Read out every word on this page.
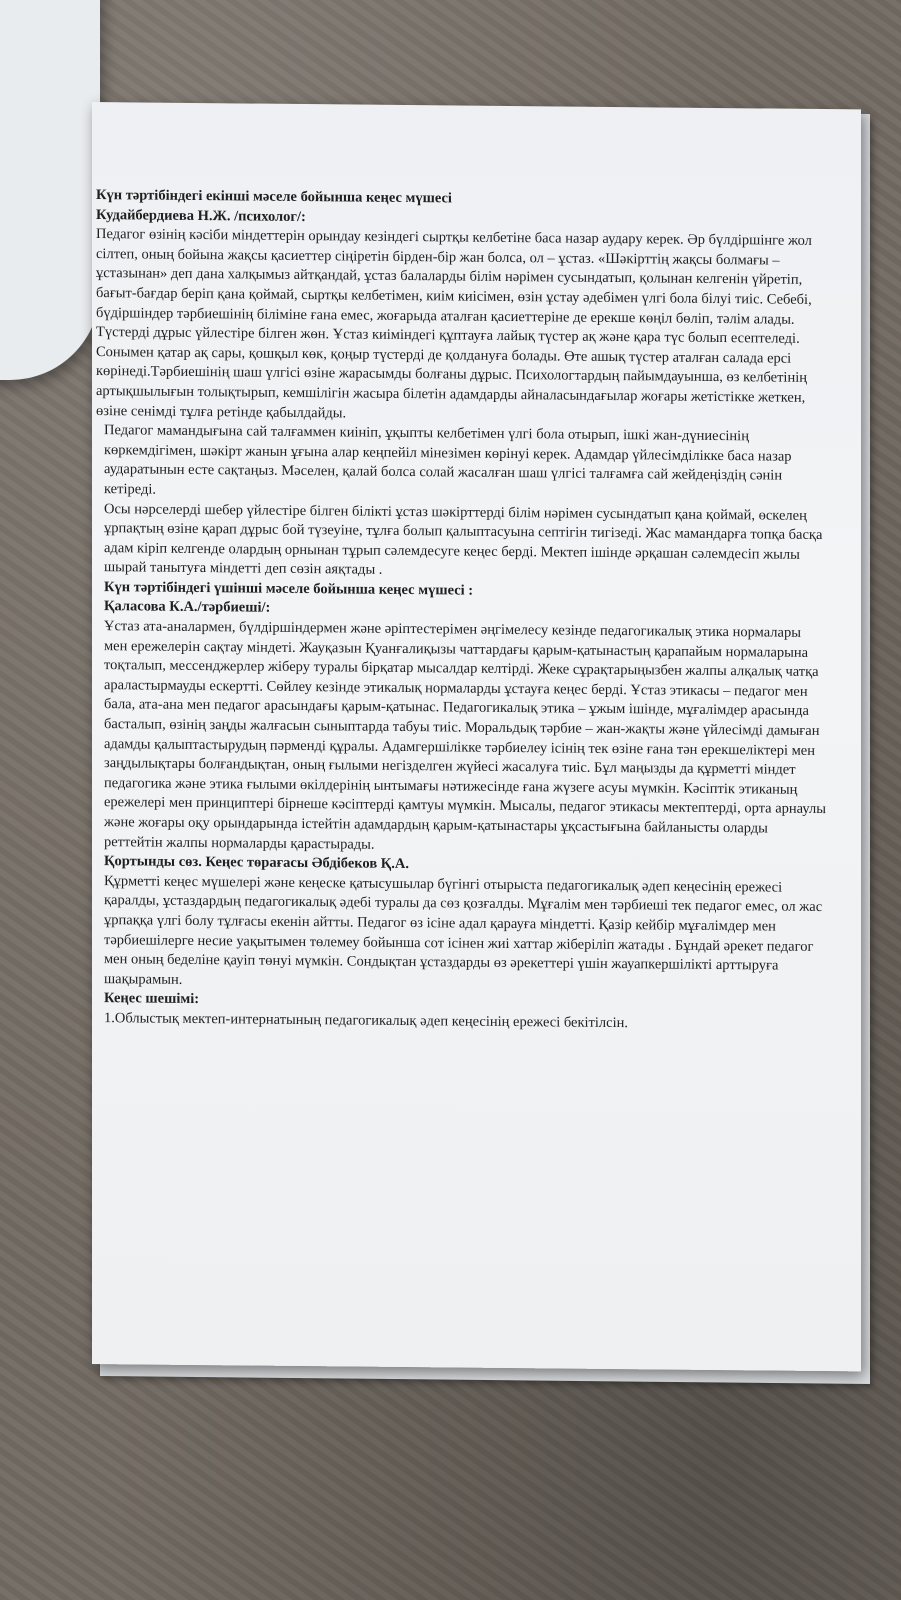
Күн тәртібіндегі екінші мәселе бойынша кеңес мүшесі

Кудайбердиева Н.Ж. /психолог/:

Педагог өзінің кәсіби міндеттерін орындау кезіндегі сыртқы келбетіне баса назар аудару керек. Әр бүлдіршінге жол сілтеп, оның бойына жақсы қасиеттер сіңіретін бірден-бір жан болса, ол – ұстаз. «Шәкірттің жақсы болмағы – ұстазынан» деп дана халқымыз айтқандай, ұстаз балаларды білім нәрімен сусындатып, қолынан келгенін үйретіп, бағыт-бағдар беріп қана қоймай, сыртқы келбетімен, киім киісімен, өзін ұстау әдебімен үлгі бола білуі тиіс. Себебі, бүдіршіндер тәрбиешінің біліміне ғана емес, жоғарыда аталған қасиеттеріне де ерекше көңіл бөліп, тәлім алады. Түстерді дұрыс үйлестіре білген жөн. Ұстаз киіміндегі құптауға лайық түстер ақ және қара түс болып есептеледі. Сонымен қатар ақ сары, қошқыл көк, қоңыр түстерді де қолдануға болады. Өте ашық түстер аталған салада ерсі көрінеді.Тәрбиешінің шаш үлгісі өзіне жарасымды болғаны дұрыс. Психологтардың пайымдауынша, өз келбетінің артықшылығын толықтырып, кемшілігін жасыра білетін адамдарды айналасындағылар жоғары жетістікке жеткен, өзіне сенімді тұлға ретінде қабылдайды.

Педагог мамандығына сай талғаммен киініп, ұқыпты келбетімен үлгі бола отырып, ішкі жан-дүниесінің көркемдігімен, шәкірт жанын ұғына алар кеңпейіл мінезімен көрінуі керек. Адамдар үйлесімділікке баса назар аударатынын есте сақтаңыз. Мәселен, қалай болса солай жасалған шаш үлгісі талғамға сай жейдеңіздің сәнін кетіреді.

Осы нәрселерді шебер үйлестіре білген білікті ұстаз шәкірттерді білім нәрімен сусындатып қана қоймай, өскелең ұрпақтың өзіне қарап дұрыс бой түзеуіне, тұлға болып қалыптасуына септігін тигізеді. Жас мамандарға топқа басқа адам кіріп келгенде олардың орнынан тұрып сәлемдесуге кеңес берді. Мектеп ішінде әрқашан сәлемдесіп жылы шырай танытуға міндетті деп сөзін аяқтады .

Күн тәртібіндегі үшінші мәселе бойынша кеңес мүшесі :

Қаласова К.А./тәрбиеші/:

Ұстаз ата-аналармен, бүлдіршіндермен және әріптестерімен әңгімелесу кезінде педагогикалық этика нормалары мен ережелерін сақтау міндеті. Жауқазын Қуанғалиқызы чаттардағы қарым-қатынастың қарапайым нормаларына тоқталып, мессенджерлер жіберу туралы бірқатар мысалдар келтірді. Жеке сұрақтарыңызбен жалпы алқалық чатқа араластырмауды ескертті. Сөйлеу кезінде этикалық нормаларды ұстауға кеңес берді. Ұстаз этикасы – педагог мен бала, ата-ана мен педагог арасындағы қарым-қатынас. Педагогикалық этика – ұжым ішінде, мұғалімдер арасында басталып, өзінің заңды жалғасын сыныптарда табуы тиіс. Моральдық тәрбие – жан-жақты және үйлесімді дамыған адамды қалыптастырудың пәрменді құралы. Адамгершілікке тәрбиелеу ісінің тек өзіне ғана тән ерекшеліктері мен заңдылықтары болғандықтан, оның ғылыми негізделген жүйесі жасалуға тиіс. Бұл маңызды да құрметті міндет педагогика және этика ғылыми өкілдерінің ынтымағы нәтижесінде ғана жүзеге асуы мүмкін. Кәсіптік этиканың ережелері мен принциптері бірнеше кәсіптерді қамтуы мүмкін. Мысалы, педагог этикасы мектептерді, орта арнаулы және жоғары оқу орындарында істейтін адамдардың қарым-қатынастары ұқсастығына байланысты оларды реттейтін жалпы нормаларды қарастырады.

Қортынды сөз. Кеңес төрағасы Әбдібеков Қ.А.

Құрметті кеңес мүшелері және кеңеске қатысушылар бүгінгі отырыста педагогикалық әдеп кеңесінің ережесі қаралды, ұстаздардың педагогикалық әдебі туралы да сөз қозғалды. Мұғалім мен тәрбиеші тек педагог емес, ол жас ұрпаққа үлгі болу тұлғасы екенін айтты. Педагог өз ісіне адал қарауға міндетті. Қазір кейбір мұғалімдер мен тәрбиешілерге несие уақытымен төлемеу бойынша сот ісінен жиі хаттар жіберіліп жатады . Бұндай әрекет педагог мен оның беделіне қауіп төнуі мүмкін. Сондықтан ұстаздарды өз әрекеттері үшін жауапкершілікті арттыруға шақырамын.

Кеңес шешімі:

1.Облыстық мектеп-интернатының педагогикалық әдеп кеңесінің ережесі бекітілсін.
